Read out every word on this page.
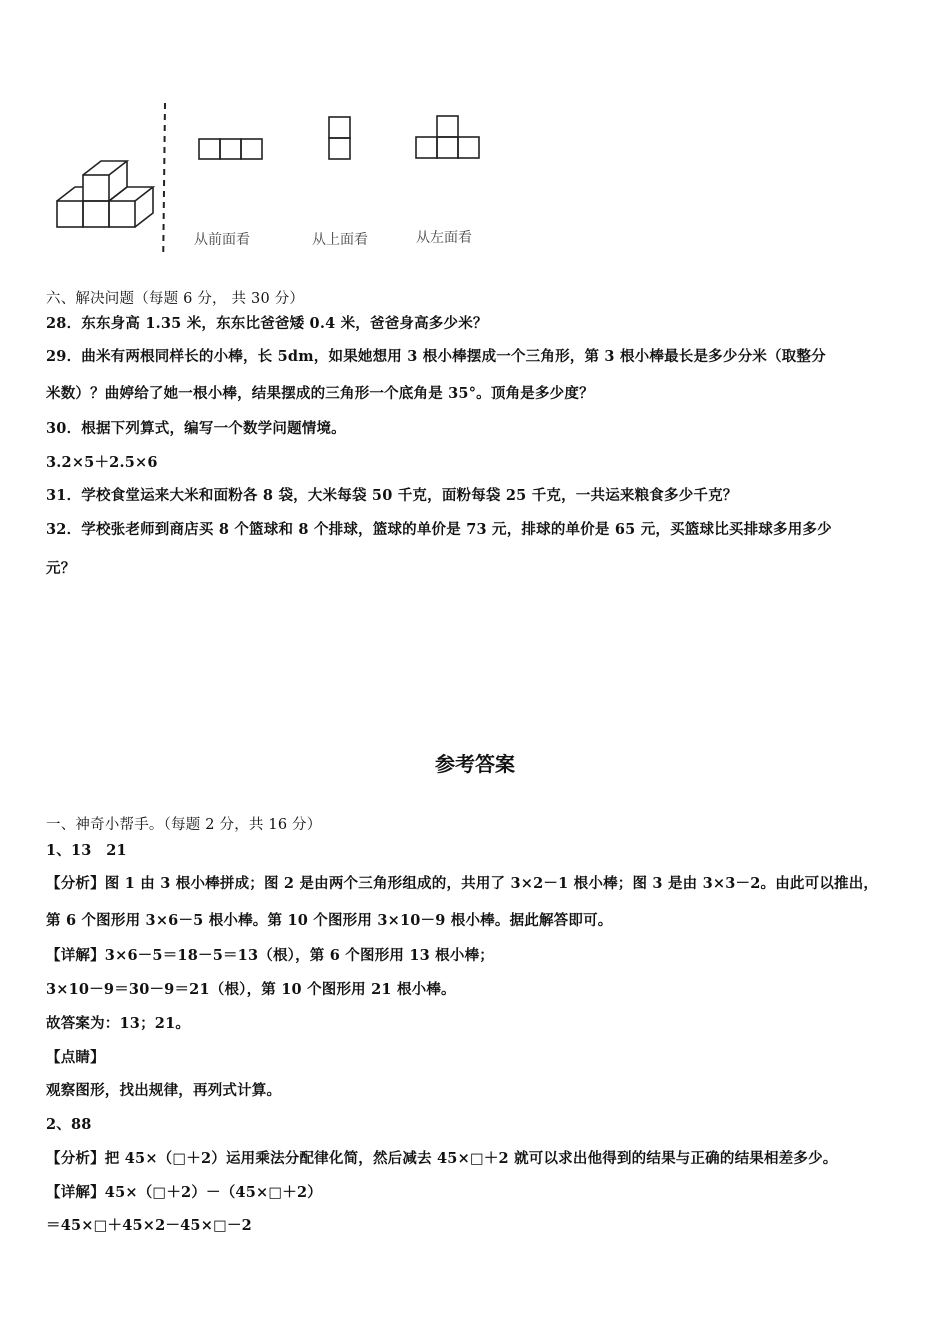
从前面看	从上面看	从左面看
六、解决问题（每题 6 分， 共 30 分）
28．东东身高 1.35 米，东东比爸爸矮 0.4 米，爸爸身高多少米？
29．曲米有两根同样长的小棒，长 5dm，如果她想用 3 根小棒摆成一个三角形，第 3 根小棒最长是多少分米（取整分
米数）？曲婷给了她一根小棒，结果摆成的三角形一个底角是 35°。顶角是多少度？
30．根据下列算式，编写一个数学问题情境。
3.2×5＋2.5×6
31．学校食堂运来大米和面粉各 8 袋，大米每袋 50 千克，面粉每袋 25 千克，一共运来粮食多少千克？
32．学校张老师到商店买 8 个篮球和 8 个排球，篮球的单价是 73 元，排球的单价是 65 元，买篮球比买排球多用多少
元？
参考答案
一、神奇小帮手。（每题 2 分，共 16 分）
1、13　21
【分析】图 1 由 3 根小棒拼成；图 2 是由两个三角形组成的，共用了 3×2－1 根小棒；图 3 是由 3×3－2。由此可以推出，
第 6 个图形用 3×6－5 根小棒。第 10 个图形用 3×10－9 根小棒。据此解答即可。
【详解】3×6－5＝18－5＝13（根），第 6 个图形用 13 根小棒；
3×10－9＝30－9＝21（根），第 10 个图形用 21 根小棒。
故答案为：13；21。
【点睛】
观察图形，找出规律，再列式计算。
2、88
【分析】把 45×（□＋2）运用乘法分配律化简，然后减去 45×□＋2 就可以求出他得到的结果与正确的结果相差多少。
【详解】45×（□＋2）－（45×□＋2）
＝45×□＋45×2－45×□－2
